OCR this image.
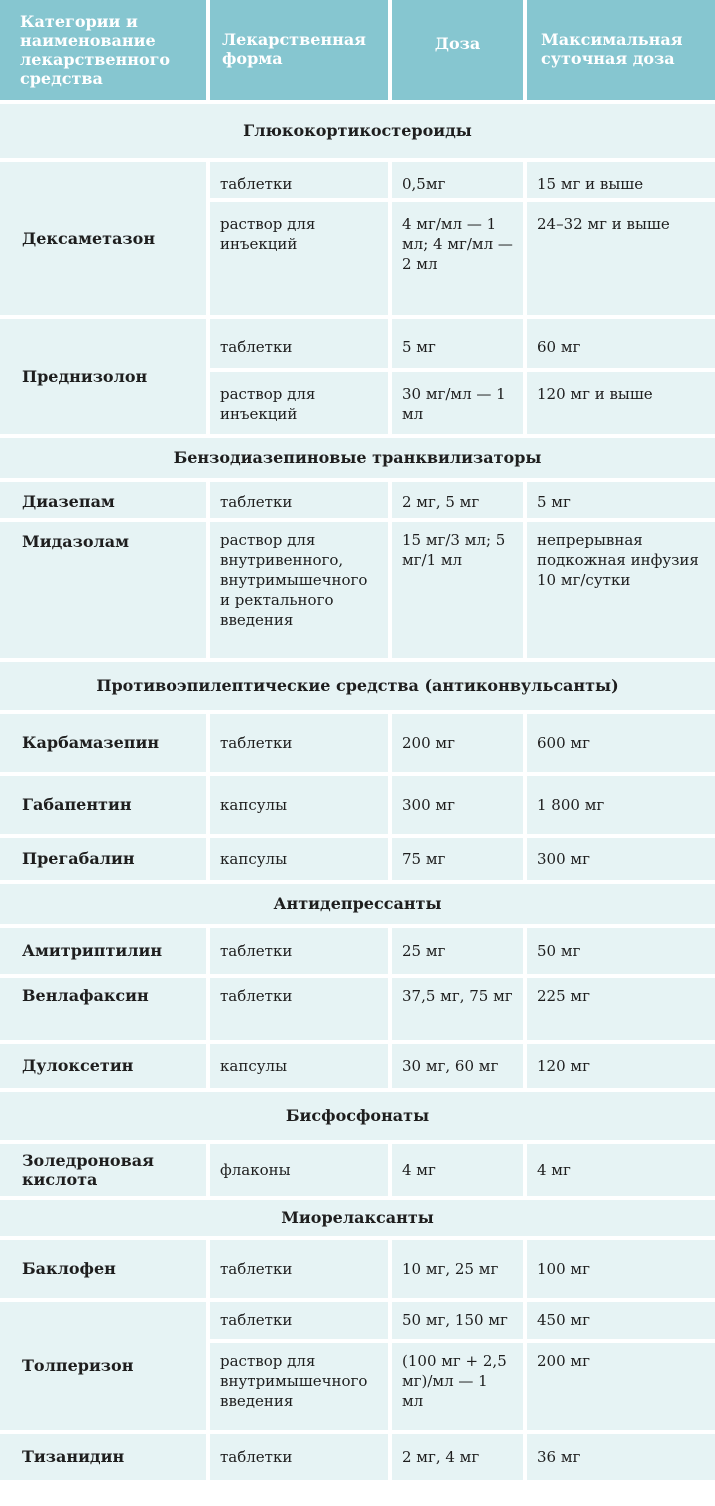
Категории и наименование лекарственного средства	Лекарственная форма	Доза	Максимальная суточная доза
Глюкокортикостероиды			
Дексаметазон	таблетки	0,5мг	15 мг и выше
	раствор для инъекций	4 мг/мл — 1 мл; 4 мг/мл — 2 мл	24–32 мг и выше
Преднизолон	таблетки	5 мг	60 мг
	раствор для инъекций	30 мг/мл — 1 мл	120 мг и выше
Бензодиазепиновые транквилизаторы			
Диазепам	таблетки	2 мг, 5 мг	5 мг
Мидазолам	раствор для внутривенного, внутримышечного и ректального введения	15 мг/3 мл; 5 мг/1 мл	непрерывная подкожная инфузия 10 мг/сутки
Противоэпилептические средства (антиконвульсанты)			
Карбамазепин	таблетки	200 мг	600 мг
Габапентин	капсулы	300 мг	1 800 мг
Прегабалин	капсулы	75 мг	300 мг
Антидепрессанты			
Амитриптилин	таблетки	25 мг	50 мг
Венлафаксин	таблетки	37,5 мг, 75 мг	225 мг
Дулоксетин	капсулы	30 мг, 60 мг	120 мг
Бисфосфонаты			
Золедроновая кислота	флаконы	4 мг	4 мг
Миорелаксанты			
Баклофен	таблетки	10 мг, 25 мг	100 мг
Толперизон	таблетки	50 мг, 150 мг	450 мг
	раствор для внутримышечного введения	(100 мг + 2,5 мг)/мл — 1 мл	200 мг
Тизанидин	таблетки	2 мг, 4 мг	36 мг
